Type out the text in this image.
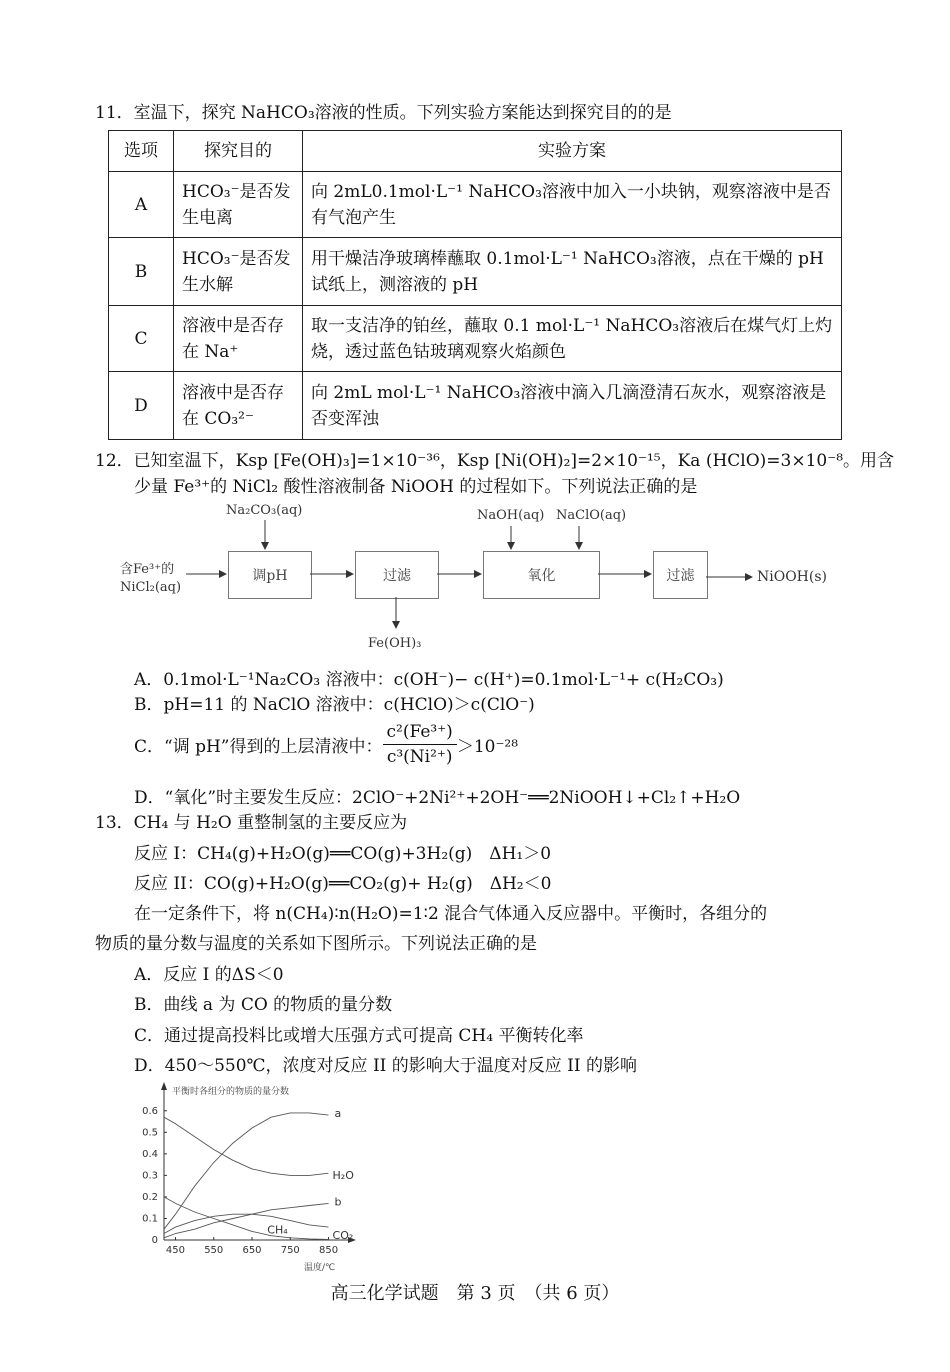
11．室温下，探究 NaHCO₃溶液的性质。下列实验方案能达到探究目的的是
选项	探究目的	实验方案
A	HCO₃⁻是否发生电离	向 2mL0.1mol·L⁻¹ NaHCO₃溶液中加入一小块钠，观察溶液中是否有气泡产生
B	HCO₃⁻是否发生水解	用干燥洁净玻璃棒蘸取 0.1mol·L⁻¹ NaHCO₃溶液，点在干燥的 pH 试纸上，测溶液的 pH
C	溶液中是否存在 Na⁺	取一支洁净的铂丝，蘸取 0.1 mol·L⁻¹ NaHCO₃溶液后在煤气灯上灼烧，透过蓝色钴玻璃观察火焰颜色
D	溶液中是否存在 CO₃²⁻	向 2mL mol·L⁻¹ NaHCO₃溶液中滴入几滴澄清石灰水，观察溶液是否变浑浊
12．已知室温下，Ksp [Fe(OH)₃]=1×10⁻³⁶，Ksp [Ni(OH)₂]=2×10⁻¹⁵，Ka (HClO)=3×10⁻⁸。用含
少量 Fe³⁺的 NiCl₂ 酸性溶液制备 NiOOH 的过程如下。下列说法正确的是
含Fe³⁺的
NiCl₂(aq)
Na₂CO₃(aq)
调pH	过滤
Fe(OH)₃
NaOH(aq) NaClO(aq)
氧化	过滤	NiOOH(s)
A．0.1mol·L⁻¹Na₂CO₃ 溶液中：c(OH⁻)− c(H⁺)=0.1mol·L⁻¹+ c(H₂CO₃)
B．pH=11 的 NaClO 溶液中：c(HClO)＞c(ClO⁻)
C．“调 pH”得到的上层清液中： $\frac{\text{c²(Fe³⁺)}}{\text{c³(Ni²⁺)}} >10^{-28}$
D．“氧化”时主要发生反应：2ClO⁻+2Ni²⁺+2OH⁻══2NiOOH↓+Cl₂↑+H₂O
13．CH₄ 与 H₂O 重整制氢的主要反应为
反应 I：CH₄(g)+H₂O(g)══CO(g)+3H₂(g)　ΔH₁＞0
反应 II：CO(g)+H₂O(g)══CO₂(g)+ H₂(g)　ΔH₂＜0
在一定条件下，将 n(CH₄)∶n(H₂O)=1∶2 混合气体通入反应器中。平衡时，各组分的
物质的量分数与温度的关系如下图所示。下列说法正确的是
A．反应 I 的ΔS＜0
B．曲线 a 为 CO 的物质的量分数
C．通过提高投料比或增大压强方式可提高 CH₄ 平衡转化率
D．450～550℃，浓度对反应 II 的影响大于温度对反应 II 的影响
平衡时各组分的物质的量分数
温度/℃
0
0.1
0.2
0.3
0.4
0.5
0.6
450 550 650 750 850
a
H₂O
b
CO₂
CH₄
高三化学试题　第 3 页　（共 6 页）
